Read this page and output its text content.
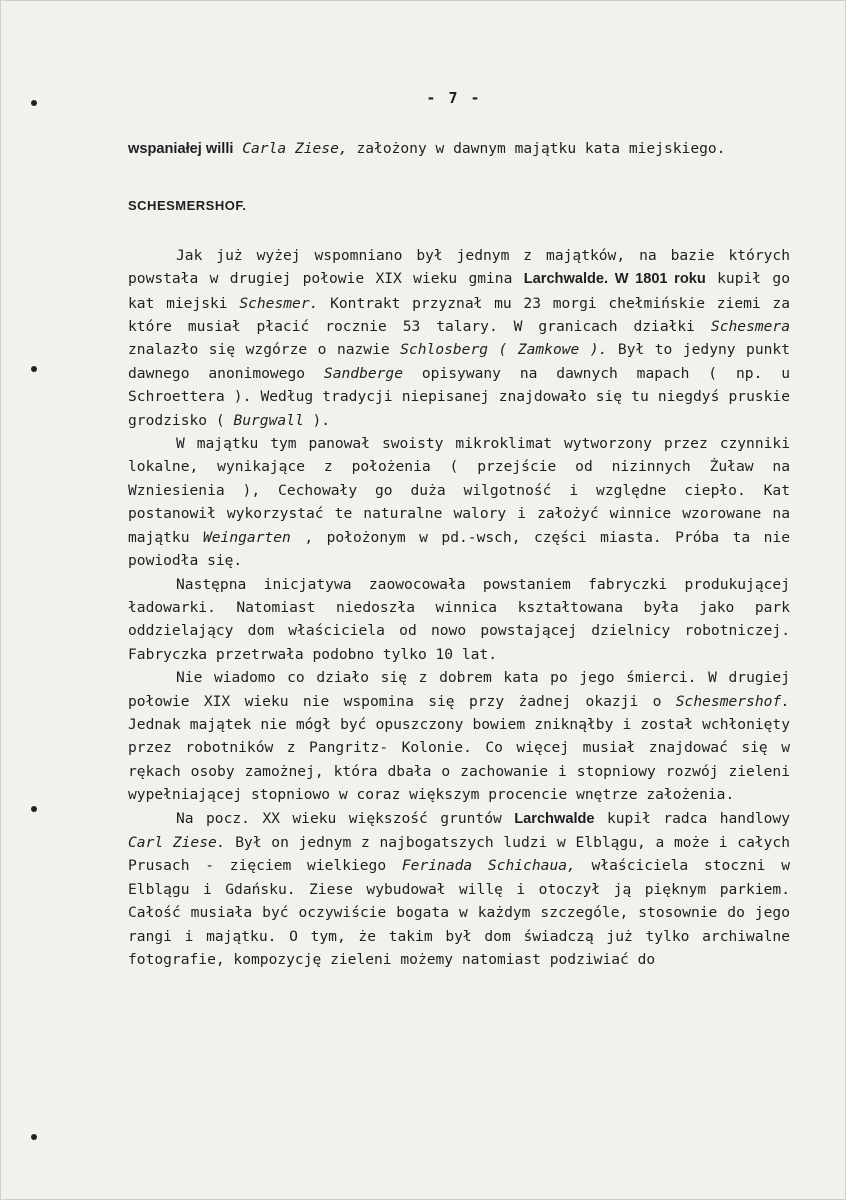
- 7 -

wspaniałej willi Carla Ziese, założony w dawnym majątku kata miejskiego.

SCHESMERSHOF.

Jak już wyżej wspomniano był jednym z majątków, na bazie których powstała w drugiej połowie XIX wieku gmina Larchwalde. W 1801 roku kupił go kat miejski Schesmer. Kontrakt przyznał mu 23 morgi chełmińskie ziemi za które musiał płacić rocznie 53 talary. W granicach działki Schesmera znalazło się wzgórze o nazwie Schlosberg ( Zamkowe ). Był to jedyny punkt dawnego anonimowego Sandberge opisywany na dawnych mapach ( np. u Schroettera ). Według tradycji niepisanej znajdowało się tu niegdyś pruskie grodzisko ( Burgwall ).

W majątku tym panował swoisty mikroklimat wytworzony przez czynniki lokalne, wynikające z położenia ( przejście od nizinnych Żuław na Wzniesienia ), Cechowały go duża wilgotność i względne ciepło. Kat postanowił wykorzystać te naturalne walory i założyć winnice wzorowane na majątku Weingarten , położonym w pd.-wsch, części miasta. Próba ta nie powiodła się.

Następna inicjatywa zaowocowała powstaniem fabryczki produkującej ładowarki. Natomiast niedoszła winnica kształtowana była jako park oddzielający dom właściciela od nowo powstającej dzielnicy robotniczej. Fabryczka przetrwała podobno tylko 10 lat.

Nie wiadomo co działo się z dobrem kata po jego śmierci. W drugiej połowie XIX wieku nie wspomina się przy żadnej okazji o Schesmershof. Jednak majątek nie mógł być opuszczony bowiem zniknąłby i został wchłonięty przez robotników z Pangritz- Kolonie. Co więcej musiał znajdować się w rękach osoby zamożnej, która dbała o zachowanie i stopniowy rozwój zieleni wypełniającej stopniowo w coraz większym procencie wnętrze założenia.

Na pocz. XX wieku większość gruntów Larchwalde kupił radca handlowy Carl Ziese. Był on jednym z najbogatszych ludzi w Elblągu, a może i całych Prusach - zięciem wielkiego Ferinada Schichaua, właściciela stoczni w Elblągu i Gdańsku. Ziese wybudował willę i otoczył ją pięknym parkiem. Całość musiała być oczywiście bogata w każdym szczególe, stosownie do jego rangi i majątku. O tym, że takim był dom świadczą już tylko archiwalne fotografie, kompozycję zieleni możemy natomiast podziwiać do
